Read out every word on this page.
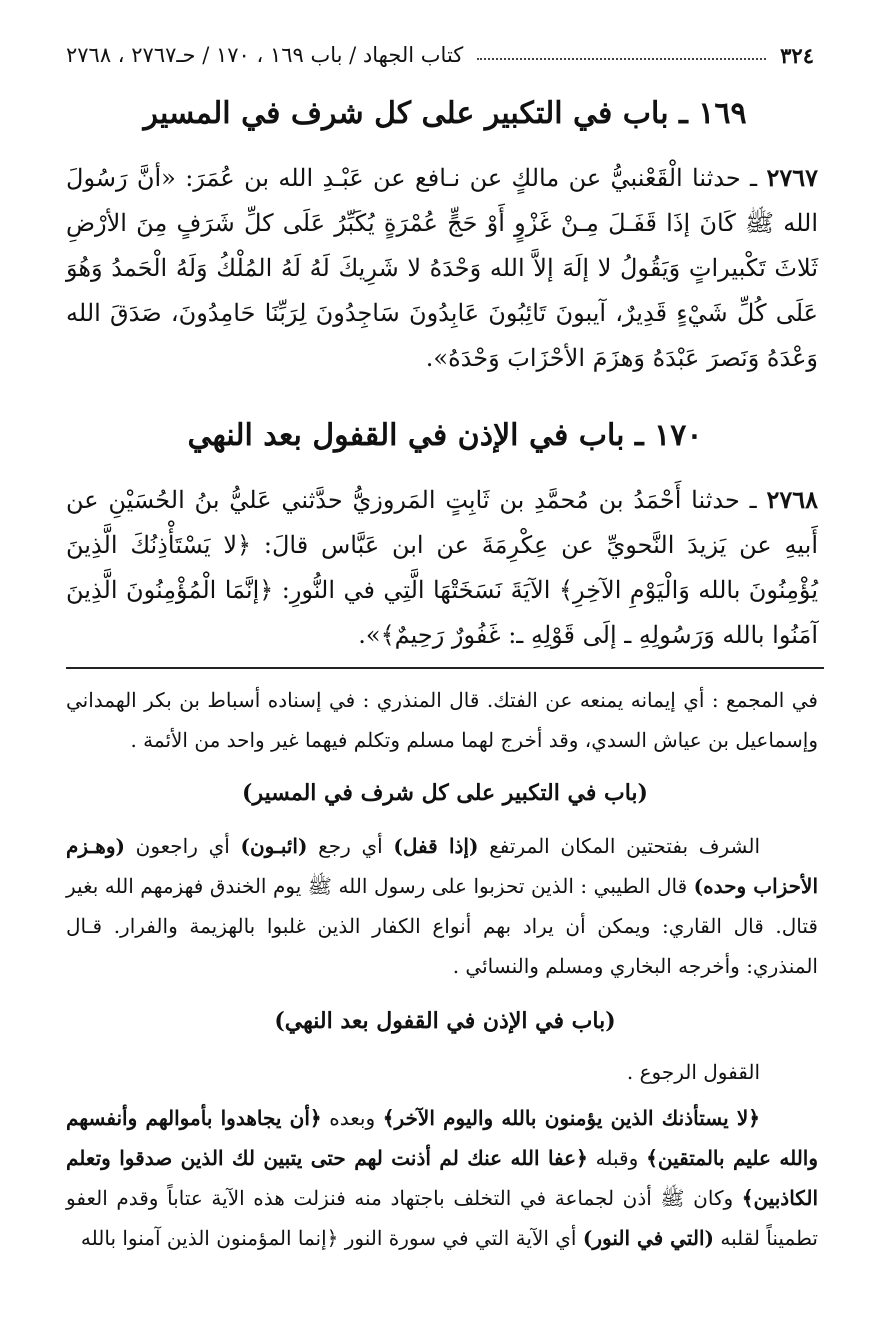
٣٢٤
كتاب الجهاد / باب ١٦٩ ، ١٧٠ / حـ٢٧٦٧ ، ٢٧٦٨
١٦٩ ـ باب في التكبير على كل شرف في المسير
٢٧٦٧ ـ حدثنا الْقَعْنبيُّ عن مالكٍ عن نـافع عن عَبْـدِ الله بن عُمَرَ: «أنَّ رَسُولَ الله ﷺ كَانَ إذَا قَفَـلَ مِـنْ غَزْوٍ أَوْ حَجٍّ عُمْرَةٍ يُكَبِّرُ عَلَى كلِّ شَرَفٍ مِنَ الأرْضِ ثَلاثَ تَكْبيراتٍ وَيَقُولُ لا إلَهَ إلاَّ الله وَحْدَهُ لا شَرِيكَ لَهُ لَهُ المُلْكُ وَلَهُ الْحَمدُ وَهُوَ عَلَى كُلِّ شَيْءٍ قَدِيرٌ، آيبونَ تَائِبُونَ عَابِدُونَ سَاجِدُونَ لِرَبِّنَا حَامِدُونَ، صَدَقَ الله وَعْدَهُ وَنَصرَ عَبْدَهُ وَهزَمَ الأحْزَابَ وَحْدَهُ».
١٧٠ ـ باب في الإذن في القفول بعد النهي
٢٧٦٨ ـ حدثنا أَحْمَدُ بن مُحمَّدِ بن ثَابِتٍ المَروزيُّ حدَّثني عَليُّ بنُ الحُسَيْنِ عن أَبيهِ عن يَزيدَ النَّحويِّ عن عِكْرِمَةَ عن ابن عَبَّاس قالَ: ﴿لا يَسْتَأْذِنُكَ الَّذِينَ يُؤْمِنُونَ بالله وَالْيَوْمِ الآخِرِ﴾ الآيَةَ نَسَخَتْهَا الَّتِي في النُّورِ: ﴿إنَّمَا الْمُؤْمِنُونَ الَّذِينَ آمَنُوا بالله وَرَسُولِهِ ـ إلَى قَوْلِهِ ـ: غَفُورٌ رَحِيمٌ﴾».
في المجمع : أي إيمانه يمنعه عن الفتك. قال المنذري : في إسناده أسباط بن بكر الهمداني وإسماعيل بن عياش السدي، وقد أخرج لهما مسلم وتكلم فيهما غير واحد من الأئمة .
(باب في التكبير على كل شرف في المسير)
الشرف بفتحتين المكان المرتفع (إذا قفل) أي رجع (ائبـون) أي راجعون (وهـزم الأحزاب وحده) قال الطيبي : الذين تحزبوا على رسول الله ﷺ يوم الخندق فهزمهم الله بغير قتال. قال القاري: ويمكن أن يراد بهم أنواع الكفار الذين غلبوا بالهزيمة والفرار. قـال المنذري: وأخرجه البخاري ومسلم والنسائي .
(باب في الإذن في القفول بعد النهي)
القفول الرجوع .
﴿لا يستأذنك الذين يؤمنون بالله واليوم الآخر﴾ وبعده ﴿أن يجاهدوا بأموالهم وأنفسهم والله عليم بالمتقين﴾ وقبله ﴿عفا الله عنك لم أذنت لهم حتى يتبين لك الذين صدقوا وتعلم الكاذبين﴾ وكان ﷺ أذن لجماعة في التخلف باجتهاد منه فنزلت هذه الآية عتاباً وقدم العفو تطميناً لقلبه (التي في النور) أي الآية التي في سورة النور ﴿إنما المؤمنون الذين آمنوا بالله
